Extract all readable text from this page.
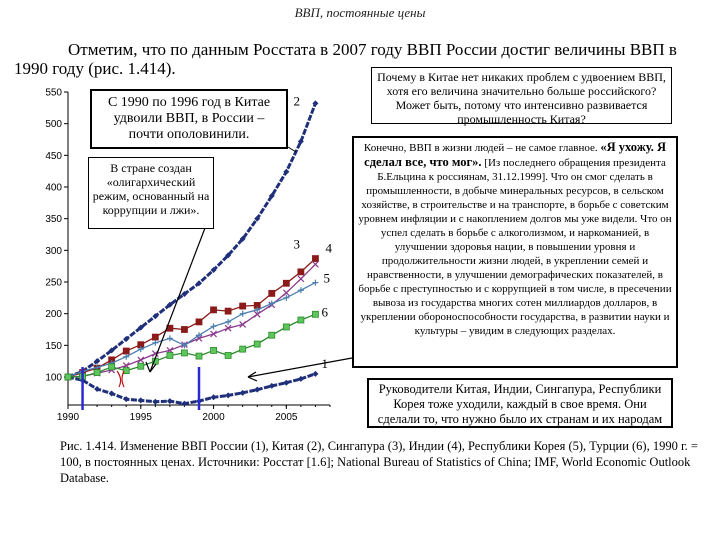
ВВП, постоянные цены
Отметим, что по данным Росстата в 2007 году ВВП России достиг величины ВВП в 1990 году (рис. 1.414).
100
150
200
250
300
350
400
450
500
550
1990	1995	2000	2005
1
2
3 4
5
6
Почему в Китае нет никаких проблем с удвоением ВВП, хотя его величина значительно больше российского? Может быть, потому что интенсивно развивается промышленность Китая?
С 1990 по 1996 год в Китае удвоили ВВП, в России – почти ополовинили.
В стране создан «олигархический режим, основанный на коррупции и лжи».
Конечно, ВВП в жизни людей – не самое главное. «Я ухожу. Я сделал все, что мог». [Из последнего обращения президента Б.Ельцина к россиянам, 31.12.1999]. Что он смог сделать в промышленности, в добыче минеральных ресурсов, в сельском хозяйстве, в строительстве и на транспорте, в борьбе с советским уровнем инфляции и с накоплением долгов мы уже видели. Что он успел сделать в борьбе с алкоголизмом, и наркоманией, в улучшении здоровья нации, в повышении уровня и продолжительности жизни людей, в укреплении семей и нравственности, в улучшении демографических показателей, в борьбе с преступностью и с коррупцией в том числе, в пресечении вывоза из государства многих сотен миллиардов долларов, в укреплении обороноспособности государства, в развитии науки и культуры – увидим в следующих разделах.
Руководители Китая, Индии, Сингапура, Республики Корея тоже уходили, каждый в свое время. Они сделали то, что нужно было их странам и их народам
Рис. 1.414. Изменение ВВП России (1), Китая (2), Сингапура (3), Индии (4), Республики Корея (5), Турции (6), 1990 г. = 100, в постоянных ценах. Источники: Росстат [1.6]; National Bureau of Statistics of China; IMF, World Economic Outlook Database.
